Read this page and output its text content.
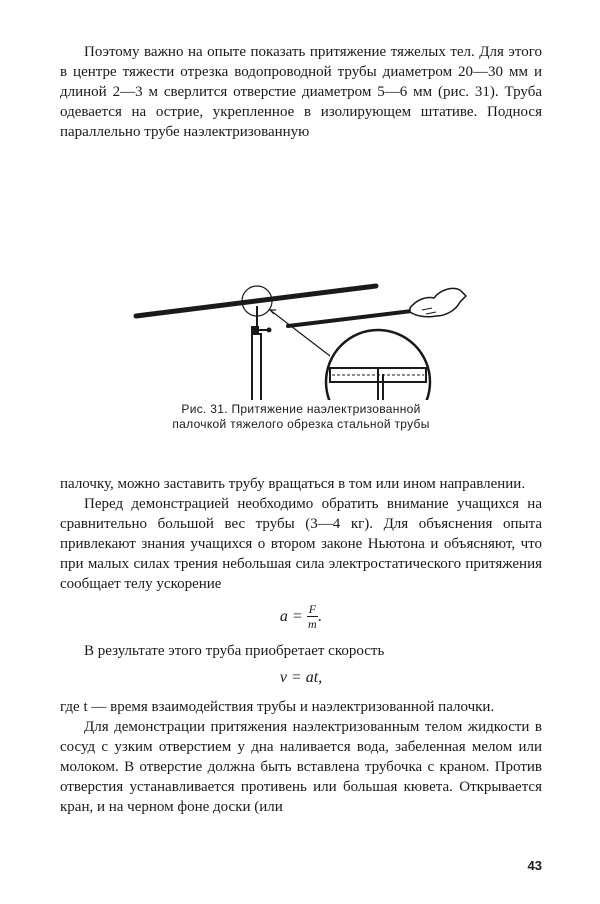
Поэтому важно на опыте показать притяжение тяжелых тел. Для этого в центре тяжести отрезка водопроводной трубы диаметром 20—30 мм и длиной 2—3 м сверлится отверстие диаметром 5—6 мм (рис. 31). Труба одевается на острие, укрепленное в изолирующем штативе. Поднося параллельно трубе наэлектризованную

Рис. 31. Притяжение наэлектризованной
палочкой тяжелого обрезка стальной трубы

палочку, можно заставить трубу вращаться в том или ином направлении.

Перед демонстрацией необходимо обратить внимание учащихся на сравнительно большой вес трубы (3—4 кг). Для объяснения опыта привлекают знания учащихся о втором законе Ньютона и объясняют, что при малых силах трения небольшая сила электростатического притяжения сообщает телу ускорение

$a = \frac{F}{m}$ .

В результате этого труба приобретает скорость

v = at,

где t — время взаимодействия трубы и наэлектризованной палочки.

Для демонстрации притяжения наэлектризованным телом жидкости в сосуд с узким отверстием у дна наливается вода, забеленная мелом или молоком. В отверстие должна быть вставлена трубочка с краном. Против отверстия устанавливается противень или большая кювета. Открывается кран, и на черном фоне доски (или

43
